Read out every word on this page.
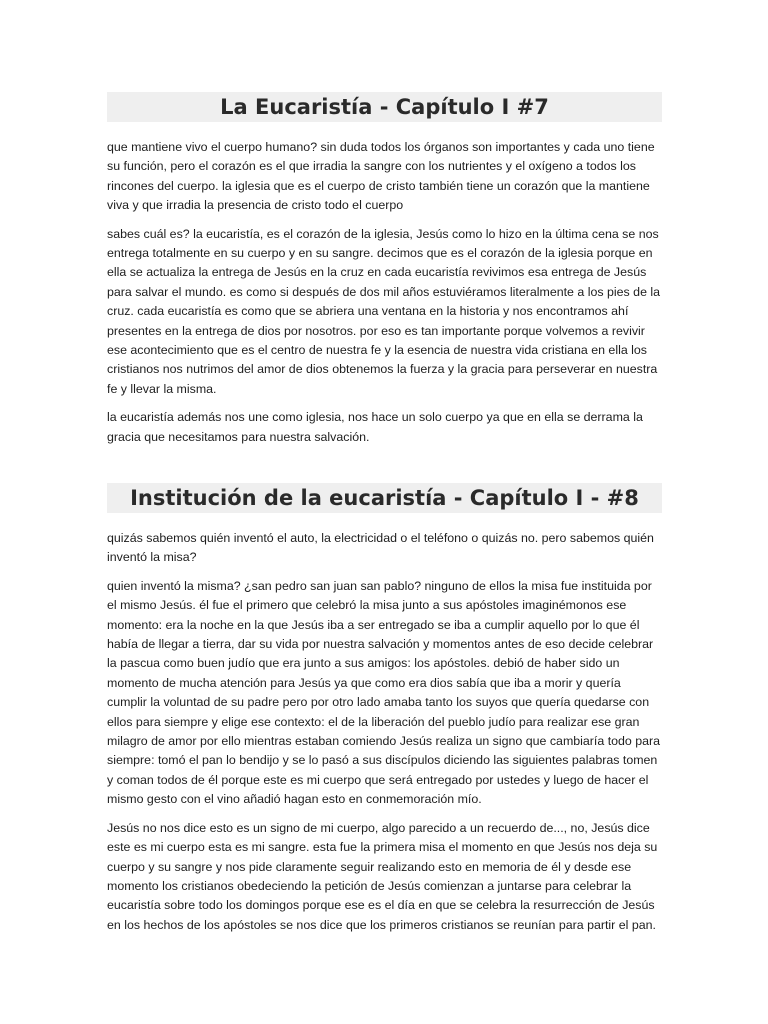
La Eucaristía - Capítulo I #7

que mantiene vivo el cuerpo humano? sin duda todos los órganos son importantes y cada uno tiene su función, pero el corazón es el que irradia la sangre con los nutrientes y el oxígeno a todos los rincones del cuerpo. la iglesia que es el cuerpo de cristo también tiene un corazón que la mantiene viva y que irradia la presencia de cristo todo el cuerpo

sabes cuál es? la eucaristía, es el corazón de la iglesia, Jesús como lo hizo en la última cena se nos entrega totalmente en su cuerpo y en su sangre. decimos que es el corazón de la iglesia porque en ella se actualiza la entrega de Jesús en la cruz en cada eucaristía revivimos esa entrega de Jesús para salvar el mundo. es como si después de dos mil años estuviéramos literalmente a los pies de la cruz. cada eucaristía es como que se abriera una ventana en la historia y nos encontramos ahí presentes en la entrega de dios por nosotros. por eso es tan importante porque volvemos a revivir ese acontecimiento que es el centro de nuestra fe y la esencia de nuestra vida cristiana en ella los cristianos nos nutrimos del amor de dios obtenemos la fuerza y la gracia para perseverar en nuestra fe y llevar la misma.

la eucaristía además nos une como iglesia, nos hace un solo cuerpo ya que en ella se derrama la gracia que necesitamos para nuestra salvación.

Institución de la eucaristía - Capítulo I - #8

quizás sabemos quién inventó el auto, la electricidad o el teléfono o quizás no. pero sabemos quién inventó la misa?

quien inventó la misma? ¿san pedro san juan san pablo? ninguno de ellos la misa fue instituida por el mismo Jesús. él fue el primero que celebró la misa junto a sus apóstoles imaginémonos ese momento: era la noche en la que Jesús iba a ser entregado se iba a cumplir aquello por lo que él había de llegar a tierra, dar su vida por nuestra salvación y momentos antes de eso decide celebrar la pascua como buen judío que era junto a sus amigos: los apóstoles. debió de haber sido un momento de mucha atención para Jesús ya que como era dios sabía que iba a morir y quería cumplir la voluntad de su padre pero por otro lado amaba tanto los suyos que quería quedarse con ellos para siempre y elige ese contexto: el de la liberación del pueblo judío para realizar ese gran milagro de amor por ello mientras estaban comiendo Jesús realiza un signo que cambiaría todo para siempre: tomó el pan lo bendijo y se lo pasó a sus discípulos diciendo las siguientes palabras tomen y coman todos de él porque este es mi cuerpo que será entregado por ustedes y luego de hacer el mismo gesto con el vino añadió hagan esto en conmemoración mío.

Jesús no nos dice esto es un signo de mi cuerpo, algo parecido a un recuerdo de..., no, Jesús dice este es mi cuerpo esta es mi sangre. esta fue la primera misa el momento en que Jesús nos deja su cuerpo y su sangre y nos pide claramente seguir realizando esto en memoria de él y desde ese momento los cristianos obedeciendo la petición de Jesús comienzan a juntarse para celebrar la eucaristía sobre todo los domingos porque ese es el día en que se celebra la resurrección de Jesús en los hechos de los apóstoles se nos dice que los primeros cristianos se reunían para partir el pan.
